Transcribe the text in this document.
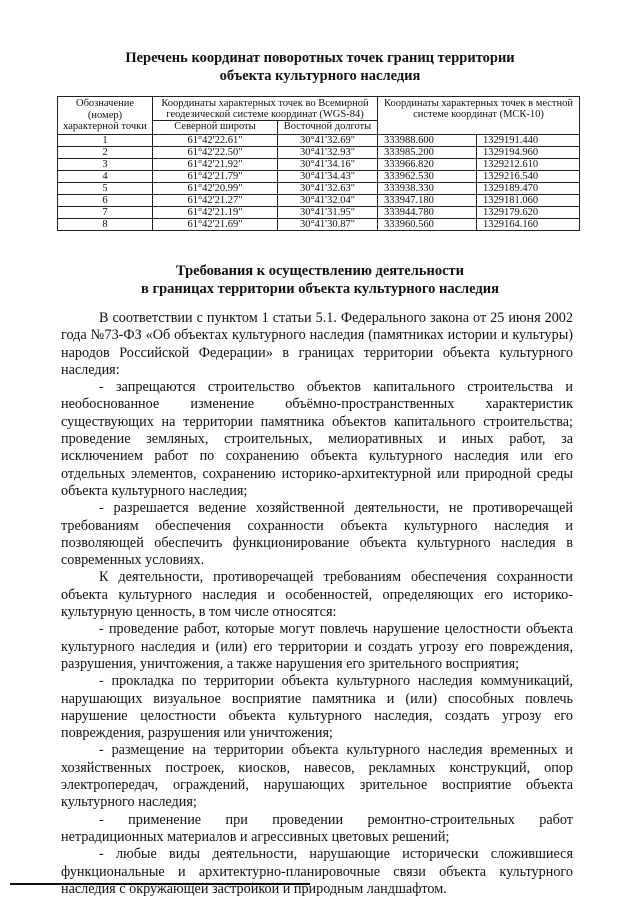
Перечень координат поворотных точек границ территории
объекта культурного наследия
Обозначение (номер) характерной точки	Координаты характерных точек во Всемирной геодезической системе координат (WGS-84)		Координаты характерных точек в местной системе координат (МСК-10)	
	Северной широты	Восточной долготы		
1	61°42'22.61"	30°41'32.69"	333988.600	1329191.440
2	61°42'22.50"	30°41'32.93"	333985.200	1329194.960
3	61°42'21.92"	30°41'34.16"	333966.820	1329212.610
4	61°42'21.79"	30°41'34.43"	333962.530	1329216.540
5	61°42'20.99"	30°41'32.63"	333938.330	1329189.470
6	61°42'21.27"	30°41'32.04"	333947.180	1329181.060
7	61°42'21.19"	30°41'31.95"	333944.780	1329179.620
8	61°42'21.69"	30°41'30.87"	333960.560	1329164.160
Требования к осуществлению деятельности
в границах территории объекта культурного наследия

В соответствии с пунктом 1 статьи 5.1. Федерального закона от 25 июня 2002 года №73-ФЗ «Об объектах культурного наследия (памятниках истории и культуры) народов Российской Федерации» в границах территории объекта культурного наследия:

- запрещаются строительство объектов капитального строительства и необоснованное изменение объёмно-пространственных характеристик существующих на территории памятника объектов капитального строительства; проведение земляных, строительных, мелиоративных и иных работ, за исключением работ по сохранению объекта культурного наследия или его отдельных элементов, сохранению историко-архитектурной или природной среды объекта культурного наследия;

- разрешается ведение хозяйственной деятельности, не противоречащей требованиям обеспечения сохранности объекта культурного наследия и позволяющей обеспечить функционирование объекта культурного наследия в современных условиях.

К деятельности, противоречащей требованиям обеспечения сохранности объекта культурного наследия и особенностей, определяющих его историко-культурную ценность, в том числе относятся:

- проведение работ, которые могут повлечь нарушение целостности объекта культурного наследия и (или) его территории и создать угрозу его повреждения, разрушения, уничтожения, а также нарушения его зрительного восприятия;

- прокладка по территории объекта культурного наследия коммуникаций, нарушающих визуальное восприятие памятника и (или) способных повлечь нарушение целостности объекта культурного наследия, создать угрозу его повреждения, разрушения или уничтожения;

- размещение на территории объекта культурного наследия временных и хозяйственных построек, киосков, навесов, рекламных конструкций, опор электропередач, ограждений, нарушающих зрительное восприятие объекта культурного наследия;

- применение при проведении ремонтно-строительных работ нетрадиционных материалов и агрессивных цветовых решений;

- любые виды деятельности, нарушающие исторически сложившиеся функциональные и архитектурно-планировочные связи объекта культурного наследия с окружающей застройкой и природным ландшафтом.
